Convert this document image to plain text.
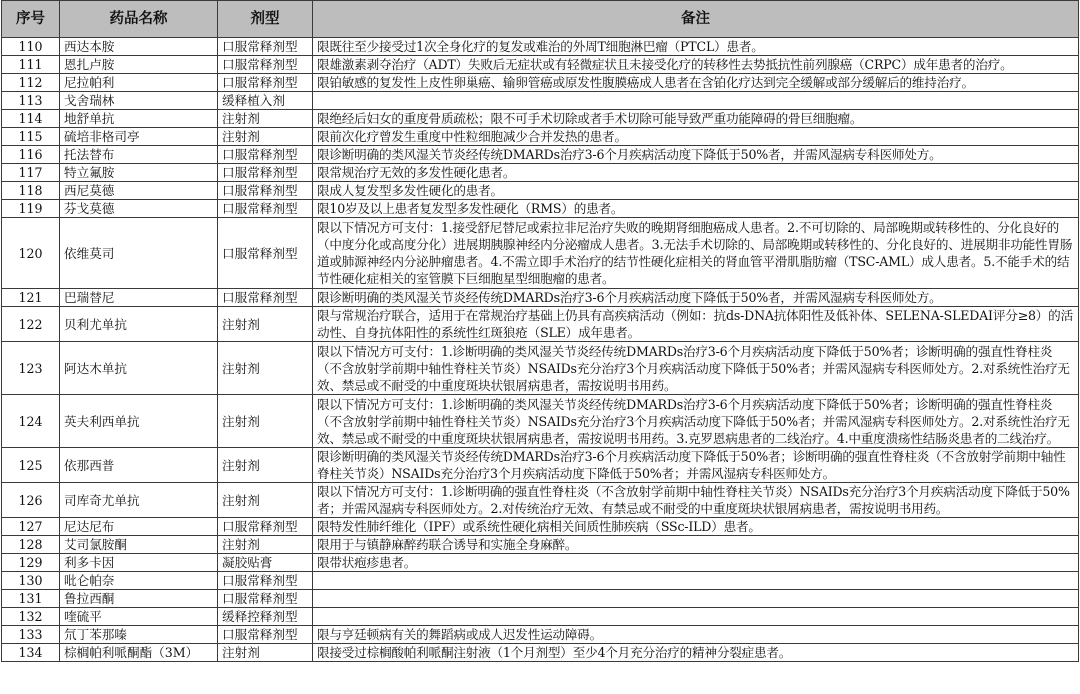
序号	药品名称	剂型	备注
110	西达本胺	口服常释剂型	限既往至少接受过1次全身化疗的复发或难治的外周T细胞淋巴瘤（PTCL）患者。
111	恩扎卢胺	口服常释剂型	限雄激素剥夺治疗（ADT）失败后无症状或有轻微症状且未接受化疗的转移性去势抵抗性前列腺癌（CRPC）成年患者的治疗。
112	尼拉帕利	口服常释剂型	限铂敏感的复发性上皮性卵巢癌、输卵管癌或原发性腹膜癌成人患者在含铂化疗达到完全缓解或部分缓解后的维持治疗。
113	戈舍瑞林	缓释植入剂	
114	地舒单抗	注射剂	限绝经后妇女的重度骨质疏松；限不可手术切除或者手术切除可能导致严重功能障碍的骨巨细胞瘤。
115	硫培非格司亭	注射剂	限前次化疗曾发生重度中性粒细胞减少合并发热的患者。
116	托法替布	口服常释剂型	限诊断明确的类风湿关节炎经传统DMARDs治疗3-6个月疾病活动度下降低于50%者，并需风湿病专科医师处方。
117	特立氟胺	口服常释剂型	限常规治疗无效的多发性硬化患者。
118	西尼莫德	口服常释剂型	限成人复发型多发性硬化的患者。
119	芬戈莫德	口服常释剂型	限10岁及以上患者复发型多发性硬化（RMS）的患者。
120	依维莫司	口服常释剂型	限以下情况方可支付：1.接受舒尼替尼或索拉非尼治疗失败的晚期肾细胞癌成人患者。2.不可切除的、局部晚期或转移性的、分化良好的（中度分化或高度分化）进展期胰腺神经内分泌瘤成人患者。3.无法手术切除的、局部晚期或转移性的、分化良好的、进展期非功能性胃肠道或肺源神经内分泌肿瘤患者。4.不需立即手术治疗的结节性硬化症相关的肾血管平滑肌脂肪瘤（TSC-AML）成人患者。5.不能手术的结节性硬化症相关的室管膜下巨细胞星型细胞瘤的患者。
121	巴瑞替尼	口服常释剂型	限诊断明确的类风湿关节炎经传统DMARDs治疗3-6个月疾病活动度下降低于50%者，并需风湿病专科医师处方。
122	贝利尤单抗	注射剂	限与常规治疗联合，适用于在常规治疗基础上仍具有高疾病活动（例如：抗ds-DNA抗体阳性及低补体、SELENA-SLEDAI评分≥8）的活动性、自身抗体阳性的系统性红斑狼疮（SLE）成年患者。
123	阿达木单抗	注射剂	限以下情况方可支付：1.诊断明确的类风湿关节炎经传统DMARDs治疗3-6个月疾病活动度下降低于50%者；诊断明确的强直性脊柱炎（不含放射学前期中轴性脊柱关节炎）NSAIDs充分治疗3个月疾病活动度下降低于50%者；并需风湿病专科医师处方。2.对系统性治疗无效、禁忌或不耐受的中重度斑块状银屑病患者，需按说明书用药。
124	英夫利西单抗	注射剂	限以下情况方可支付：1.诊断明确的类风湿关节炎经传统DMARDs治疗3-6个月疾病活动度下降低于50%者；诊断明确的强直性脊柱炎（不含放射学前期中轴性脊柱关节炎）NSAIDs充分治疗3个月疾病活动度下降低于50%者；并需风湿病专科医师处方。2.对系统性治疗无效、禁忌或不耐受的中重度斑块状银屑病患者，需按说明书用药。3.克罗恩病患者的二线治疗。4.中重度溃疡性结肠炎患者的二线治疗。
125	依那西普	注射剂	限诊断明确的类风湿关节炎经传统DMARDs治疗3-6个月疾病活动度下降低于50%者；诊断明确的强直性脊柱炎（不含放射学前期中轴性脊柱关节炎）NSAIDs充分治疗3个月疾病活动度下降低于50%者；并需风湿病专科医师处方。
126	司库奇尤单抗	注射剂	限以下情况方可支付：1.诊断明确的强直性脊柱炎（不含放射学前期中轴性脊柱关节炎）NSAIDs充分治疗3个月疾病活动度下降低于50%者；并需风湿病专科医师处方。2.对传统治疗无效、有禁忌或不耐受的中重度斑块状银屑病患者，需按说明书用药。
127	尼达尼布	口服常释剂型	限特发性肺纤维化（IPF）或系统性硬化病相关间质性肺疾病（SSc-ILD）患者。
128	艾司氯胺酮	注射剂	限用于与镇静麻醉药联合诱导和实施全身麻醉。
129	利多卡因	凝胶贴膏	限带状疱疹患者。
130	吡仑帕奈	口服常释剂型	
131	鲁拉西酮	口服常释剂型	
132	喹硫平	缓释控释剂型	
133	氘丁苯那嗪	口服常释剂型	限与亨廷顿病有关的舞蹈病或成人迟发性运动障碍。
134	棕榈帕利哌酮酯（3M）	注射剂	限接受过棕榈酸帕利哌酮注射液（1个月剂型）至少4个月充分治疗的精神分裂症患者。
